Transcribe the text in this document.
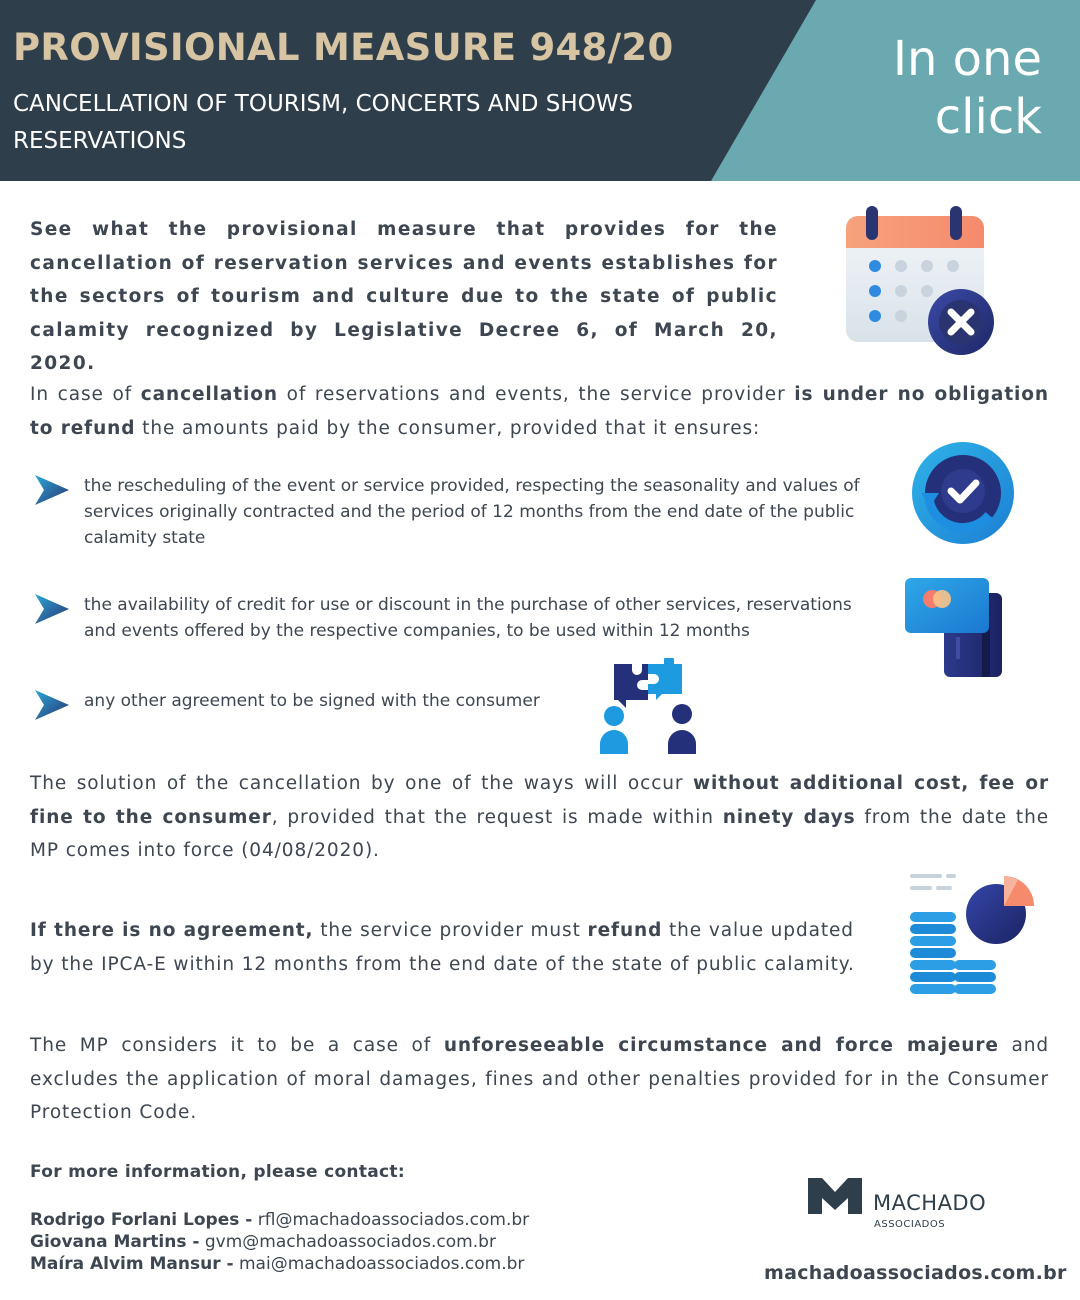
PROVISIONAL MEASURE 948/20
CANCELLATION OF TOURISM, CONCERTS AND SHOWS RESERVATIONS
In one
click

See what the provisional measure that provides for the cancellation of reservation services and events establishes for the sectors of tourism and culture due to the state of public calamity recognized by Legislative Decree 6, of March 20, 2020.

In case of cancellation of reservations and events, the service provider is under no obligation to refund the amounts paid by the consumer, provided that it ensures:

the rescheduling of the event or service provided, respecting the seasonality and values of services originally contracted and the period of 12 months from the end date of the public calamity state
the availability of credit for use or discount in the purchase of other services, reservations and events offered by the respective companies, to be used within 12 months
any other agreement to be signed with the consumer

The solution of the cancellation by one of the ways will occur without additional cost, fee or fine to the consumer, provided that the request is made within ninety days from the date the MP comes into force (04/08/2020).

If there is no agreement, the service provider must refund the value updated by the IPCA-E within 12 months from the end date of the state of public calamity.

The MP considers it to be a case of unforeseeable circumstance and force majeure and excludes the application of moral damages, fines and other penalties provided for in the Consumer Protection Code.

For more information, please contact:
Rodrigo Forlani Lopes - rfl@machadoassociados.com.br
Giovana Martins - gvm@machadoassociados.com.br
Maíra Alvim Mansur - mai@machadoassociados.com.br
MACHADO
ASSOCIADOS
machadoassociados.com.br
